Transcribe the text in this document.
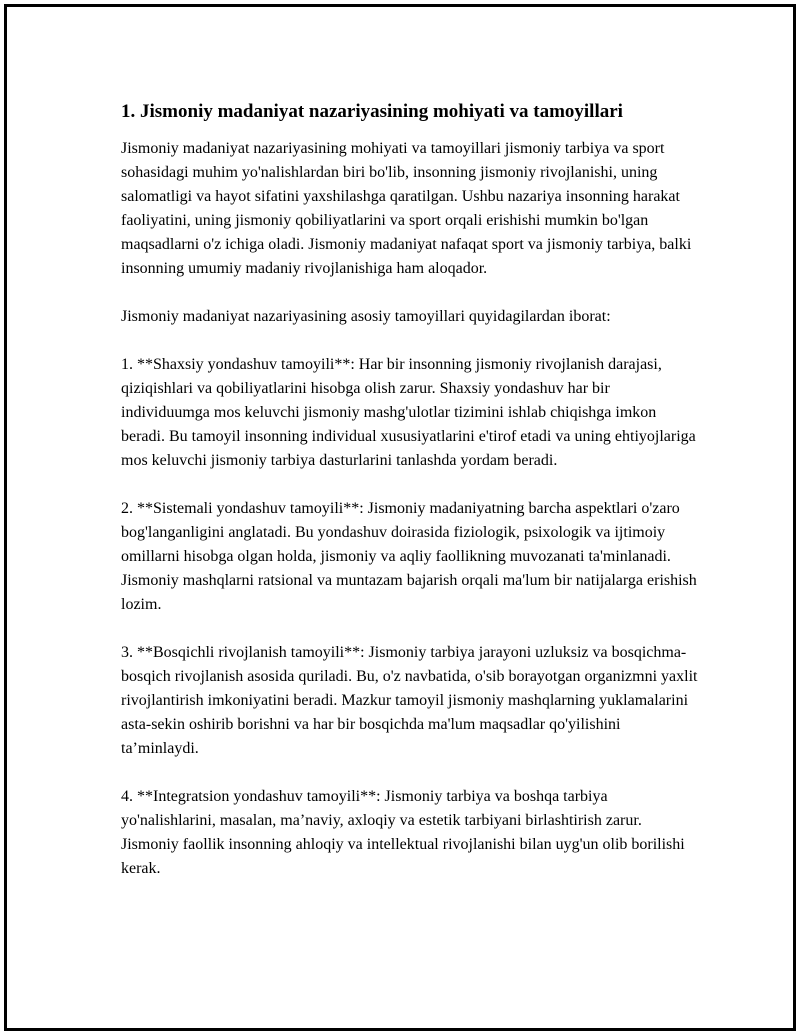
1. Jismoniy madaniyat nazariyasining mohiyati va tamoyillari

Jismoniy madaniyat nazariyasining mohiyati va tamoyillari jismoniy tarbiya va sport sohasidagi muhim yo'nalishlardan biri bo'lib, insonning jismoniy rivojlanishi, uning salomatligi va hayot sifatini yaxshilashga qaratilgan. Ushbu nazariya insonning harakat faoliyatini, uning jismoniy qobiliyatlarini va sport orqali erishishi mumkin bo'lgan maqsadlarni o'z ichiga oladi. Jismoniy madaniyat nafaqat sport va jismoniy tarbiya, balki insonning umumiy madaniy rivojlanishiga ham aloqador.

Jismoniy madaniyat nazariyasining asosiy tamoyillari quyidagilardan iborat:

1. **Shaxsiy yondashuv tamoyili**: Har bir insonning jismoniy rivojlanish darajasi, qiziqishlari va qobiliyatlarini hisobga olish zarur. Shaxsiy yondashuv har bir individuumga mos keluvchi jismoniy mashg'ulotlar tizimini ishlab chiqishga imkon beradi. Bu tamoyil insonning individual xususiyatlarini e'tirof etadi va uning ehtiyojlariga mos keluvchi jismoniy tarbiya dasturlarini tanlashda yordam beradi.

2. **Sistemali yondashuv tamoyili**: Jismoniy madaniyatning barcha aspektlari o'zaro bog'langanligini anglatadi. Bu yondashuv doirasida fiziologik, psixologik va ijtimoiy omillarni hisobga olgan holda, jismoniy va aqliy faollikning muvozanati ta'minlanadi. Jismoniy mashqlarni ratsional va muntazam bajarish orqali ma'lum bir natijalarga erishish lozim.

3. **Bosqichli rivojlanish tamoyili**: Jismoniy tarbiya jarayoni uzluksiz va bosqichma-bosqich rivojlanish asosida quriladi. Bu, o'z navbatida, o'sib borayotgan organizmni yaxlit rivojlantirish imkoniyatini beradi. Mazkur tamoyil jismoniy mashqlarning yuklamalarini asta-sekin oshirib borishni va har bir bosqichda ma'lum maqsadlar qo'yilishini ta’minlaydi.

4. **Integratsion yondashuv tamoyili**: Jismoniy tarbiya va boshqa tarbiya yo'nalishlarini, masalan, ma’naviy, axloqiy va estetik tarbiyani birlashtirish zarur. Jismoniy faollik insonning ahloqiy va intellektual rivojlanishi bilan uyg'un olib borilishi kerak.
